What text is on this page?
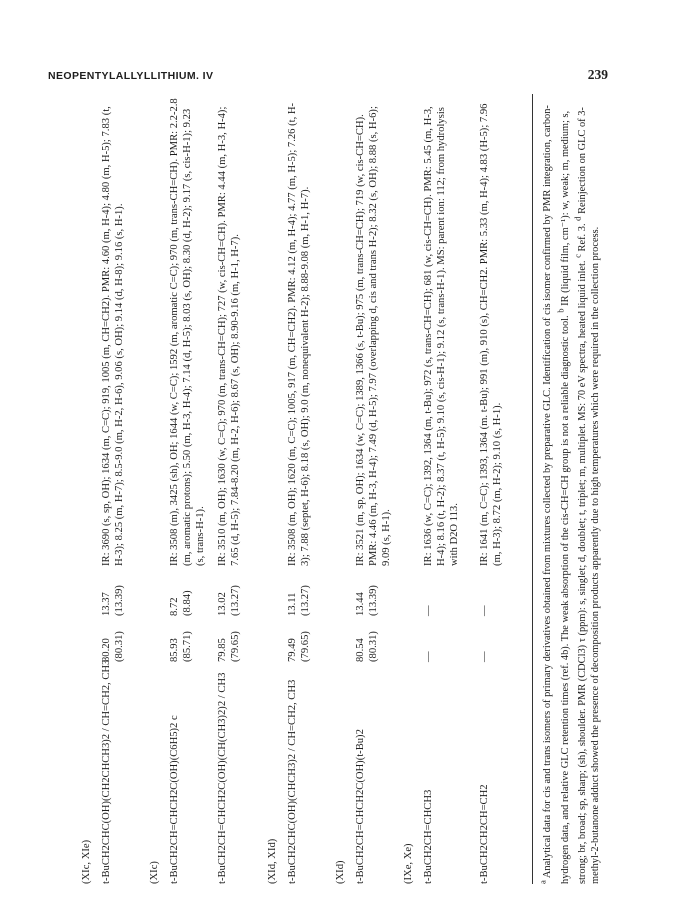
NEOPENTYLALLYLLITHIUM. IV	239
(XIc, XIe) t-BuCH2CHC(OH)(CH2CHCH3)2 / CH=CH2, CH3
80.20 (80.31)
13.37 (13.39)
IR: 3690 (s, sp, OH); 1634 (m, C=C); 919, 1005 (m, CH=CH2). PMR: 4.60 (m, H-4); 4.80 (m, H-5); 7.83 (t, H-3); 8.25 (m, H-7); 8.5-9.0 (m, H-2, H-6), 9.06 (s, OH); 9.14 (d, H-8); 9.16 (s, H-1).
(XIc) t-BuCH2CH=CHCH2C(OH)(C6H5)2 c
85.93 (85.71)
8.72 (8.84)
IR: 3508 (m), 3425 (sh), OH; 1644 (w, C=C); 1592 (m, aromatic C=C); 970 (m, trans-CH=CH). PMR: 2.2-2.8 (m, aromatic protons); 5.50 (m, H-3, H-4); 7.14 (d, H-5); 8.03 (s, OH); 8.30 (d, H-2); 9.17 (s, cis-H-1); 9.23 (s, trans-H-1).
t-BuCH2CH=CHCH2C(OH)(CH(CH3)2)2 / CH3
79.85 (79.65)
13.02 (13.27)
IR: 3510 (m, OH); 1630 (w, C=C); 970 (m, trans-CH=CH); 727 (w, cis-CH=CH). PMR: 4.44 (m, H-3, H-4); 7.65 (d, H-5); 7.84-8.20 (m, H-2, H-6); 8.67 (s, OH); 8.90-9.16 (m, H-1, H-7).
(XId, XId) t-BuCH2CHC(OH)(CHCH3)2 / CH=CH2, CH3
79.49 (79.65)
13.11 (13.27)
IR: 3508 (m, OH); 1620 (m, C=C); 1005, 917 (m, CH=CH2). PMR: 4.12 (m, H-4); 4.77 (m, H-5); 7.26 (t, H-3); 7.88 (septet, H-6); 8.18 (s, OH); 9.0 (m, nonequivalent H-2); 8.88-9.08 (m, H-1, H-7).
(XId) t-BuCH2CH=CHCH2C(OH)(t-Bu)2
80.54 (80.31)
13.44 (13.39)
IR: 3521 (m, sp, OH); 1634 (w, C=C); 1389, 1366 (s, t-Bu); 975 (m, trans-CH=CH); 719 (w, cis-CH=CH). PMR: 4.46 (m, H-3, H-4); 7.49 (d, H-5); 7.97 (overlapping d, cis and trans H-2); 8.32 (s, OH); 8.88 (s, H-6); 9.09 (s, H-1).
(IXe, Xe) t-BuCH2CH=CHCH3
—
—
IR: 1636 (w, C=C); 1392, 1364 (m, t-Bu); 972 (s, trans-CH=CH); 681 (w, cis-CH=CH). PMR: 5.45 (m, H-3, H-4); 8.16 (t, H-2); 8.37 (t, H-5); 9.10 (s, cis-H-1); 9.12 (s, trans-H-1). MS: parent ion: 112; from hydrolysis with D2O 113.
t-BuCH2CH2CH=CH2
—
—
IR: 1641 (m, C=C); 1393, 1364 (m. t-Bu); 991 (m), 910 (s), CH=CH2. PMR: 5.33 (m, H-4); 4.83 (H-5); 7.96 (m, H-3); 8.72 (m, H-2); 9.10 (s, H-1).
$^a$ Analytical data for cis and trans isomers of primary derivatives obtained from mixtures collected by preparative GLC. Identification of cis isomer confirmed by PMR integration, carbon-hydrogen data, and relative GLC retention times (ref. 4b). The weak absorption of the cis-CH=CH group is not a reliable diagnostic tool. $^b$ IR (liquid film, cm⁻¹): w, weak; m, medium; s, strong; br, broad; sp, sharp; (sh), shoulder. PMR (CDCl3) τ (ppm): s, singlet; d, doublet; t, triplet; m, multiplet. MS: 70 eV spectra, heated liquid inlet. $^c$ Ref. 3. $^d$ Reinjection on GLC of 3-methyl-2-butanone adduct showed the presence of decomposition products apparently due to high temperatures which were required in the collection process.
